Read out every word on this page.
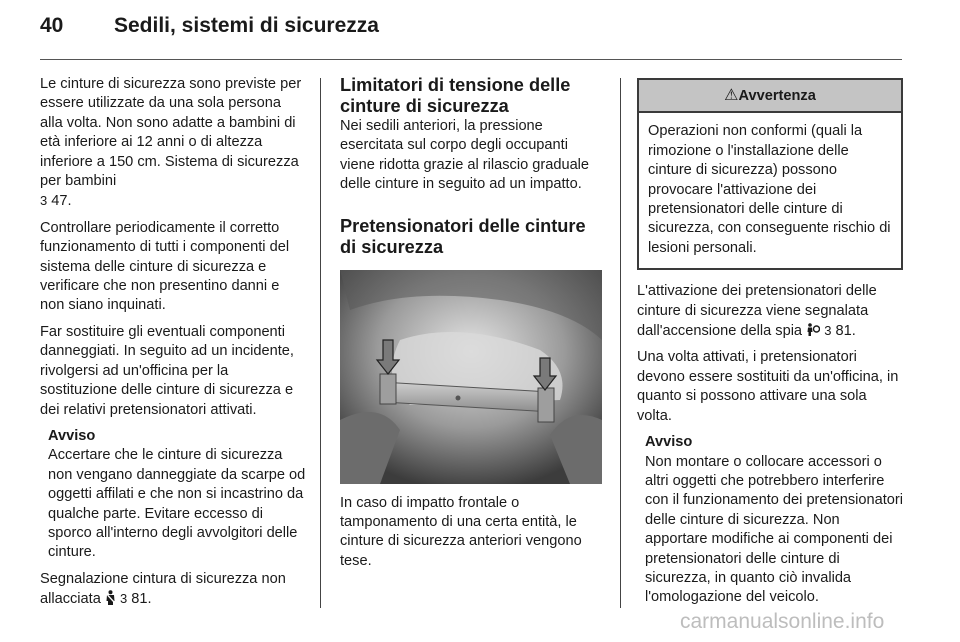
40 Sedili, sistemi di sicurezza

Le cinture di sicurezza sono previste per essere utilizzate da una sola persona alla volta. Non sono adatte a bambini di età inferiore ai 12 anni o di altezza inferiore a 150 cm. Sistema di sicurezza per bambini
3 47.

Controllare periodicamente il corretto funzionamento di tutti i componenti del sistema delle cinture di sicurezza e verificare che non presentino danni e non siano inquinati.

Far sostituire gli eventuali componenti danneggiati. In seguito ad un incidente, rivolgersi ad un'officina per la sostituzione delle cinture di sicurezza e dei relativi pretensionatori attivati.

Avviso
Accertare che le cinture di sicurezza non vengano danneggiate da scarpe od oggetti affilati e che non si incastrino da qualche parte. Evitare eccesso di sporco all'interno degli avvolgitori delle cinture.

Segnalazione cintura di sicurezza non allacciata 3 81.

Limitatori di tensione delle cinture di sicurezza

Nei sedili anteriori, la pressione esercitata sul corpo degli occupanti viene ridotta grazie al rilascio graduale delle cinture in seguito ad un impatto.

Pretensionatori delle cinture di sicurezza

In caso di impatto frontale o tamponamento di una certa entità, le cinture di sicurezza anteriori vengono tese.

⚠Avvertenza
Operazioni non conformi (quali la rimozione o l'installazione delle cinture di sicurezza) possono provocare l'attivazione dei pretensionatori delle cinture di sicurezza, con conseguente rischio di lesioni personali.

L'attivazione dei pretensionatori delle cinture di sicurezza viene segnalata dall'accensione della spia 3 81.

Una volta attivati, i pretensionatori devono essere sostituiti da un'officina, in quanto si possono attivare una sola volta.

Avviso
Non montare o collocare accessori o altri oggetti che potrebbero interferire con il funzionamento dei pretensionatori delle cinture di sicurezza. Non apportare modifiche ai componenti dei pretensionatori delle cinture di sicurezza, in quanto ciò invalida l'omologazione del veicolo.
carmanualsonline.info
